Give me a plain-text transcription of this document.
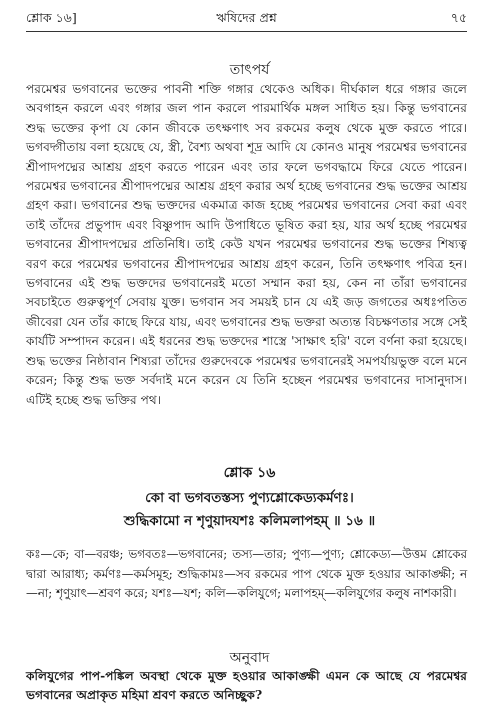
শ্লোক ১৬]	ঋষিদের প্রশ্ন	৭৫
তাৎপর্য

পরমেশ্বর ভগবানের ভক্তের পাবনী শক্তি গঙ্গার থেকেও অধিক। দীর্ঘকাল ধরে গঙ্গার জলে অবগাহন করলে এবং গঙ্গার জল পান করলে পারমার্থিক মঙ্গল সাধিত হয়। কিন্তু ভগবানের শুদ্ধ ভক্তের কৃপা যে কোন জীবকে তৎক্ষণাৎ সব রকমের কলুষ থেকে মুক্ত করতে পারে। ভগবদ্গীতায় বলা হয়েছে যে, স্ত্রী, বৈশ্য অথবা শূদ্র আদি যে কোনও মানুষ পরমেশ্বর ভগবানের শ্রীপাদপদ্মের আশ্রয় গ্রহণ করতে পারেন এবং তার ফলে ভগবদ্ধামে ফিরে যেতে পারেন। পরমেশ্বর ভগবানের শ্রীপাদপদ্মের আশ্রয় গ্রহণ করার অর্থ হচ্ছে ভগবানের শুদ্ধ ভক্তের আশ্রয় গ্রহণ করা। ভগবানের শুদ্ধ ভক্তদের একমাত্র কাজ হচ্ছে পরমেশ্বর ভগবানের সেবা করা এবং তাই তাঁদের প্রভুপাদ এবং বিষ্ণুপাদ আদি উপাধিতে ভূষিত করা হয়, যার অর্থ হচ্ছে পরমেশ্বর ভগবানের শ্রীপাদপদ্মের প্রতিনিধি। তাই কেউ যখন পরমেশ্বর ভগবানের শুদ্ধ ভক্তের শিষ্যত্ব বরণ করে পরমেশ্বর ভগবানের শ্রীপাদপদ্মের আশ্রয় গ্রহণ করেন, তিনি তৎক্ষণাৎ পবিত্র হন। ভগবানের এই শুদ্ধ ভক্তদের ভগবানেরই মতো সম্মান করা হয়, কেন না তাঁরা ভগবানের সবচাইতে গুরুত্বপূর্ণ সেবায় যুক্ত। ভগবান সব সময়ই চান যে এই জড় জগতের অধঃপতিত জীবেরা যেন তাঁর কাছে ফিরে যায়, এবং ভগবানের শুদ্ধ ভক্তরা অত্যন্ত বিচক্ষণতার সঙ্গে সেই কার্যটি সম্পাদন করেন। এই ধরনের শুদ্ধ ভক্তদের শাস্ত্রে 'সাক্ষাৎ হরি' বলে বর্ণনা করা হয়েছে। শুদ্ধ ভক্তের নিষ্ঠাবান শিষ্যরা তাঁদের গুরুদেবকে পরমেশ্বর ভগবানেরই সমপর্যায়ভুক্ত বলে মনে করেন; কিন্তু শুদ্ধ ভক্ত সর্বদাই মনে করেন যে তিনি হচ্ছেন পরমেশ্বর ভগবানের দাসানুদাস। এটিই হচ্ছে শুদ্ধ ভক্তির পথ।

শ্লোক ১৬
কো বা ভগবতস্তস্য পুণ্যশ্লোকেড্যকর্মণঃ।
শুদ্ধিকামো ন শৃণুয়াদযশঃ কলিমলাপহম্ ॥ ১৬ ॥

কঃ—কে; বা—বরঞ্চ; ভগবতঃ—ভগবানের; তস্য—তার; পুণ্য—পুণ্য; শ্লোকেড্য—উত্তম শ্লোকের দ্বারা আরাধ্য; কর্মণঃ—কর্মসমূহ; শুদ্ধিকামঃ—সব রকমের পাপ থেকে মুক্ত হওয়ার আকাঙ্ক্ষী; ন—না; শৃণুয়াৎ—শ্রবণ করে; যশঃ—যশ; কলি—কলিযুগে; মলাপহম্—কলিযুগের কলুষ নাশকারী।

অনুবাদ

কলিযুগের পাপ-পঙ্কিল অবস্থা থেকে মুক্ত হওয়ার আকাঙ্ক্ষী এমন কে আছে যে পরমেশ্বর ভগবানের অপ্রাকৃত মহিমা শ্রবণ করতে অনিচ্ছুক?
